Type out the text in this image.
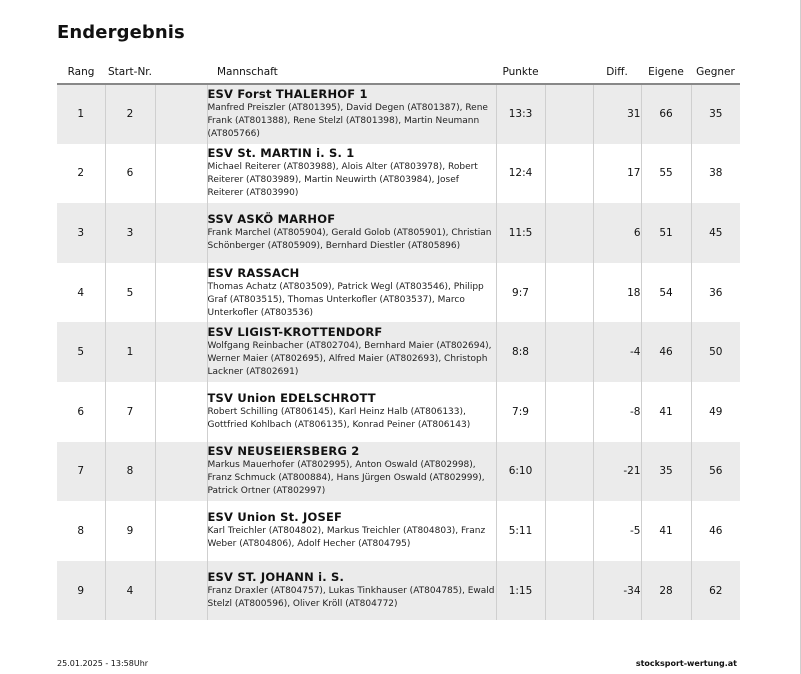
Endergebnis
Rang	Start-Nr.		Mannschaft	Punkte		Diff.	Eigene	Gegner
1	2		ESV Forst THALERHOF 1
Manfred Preiszler (AT801395), David Degen (AT801387), Rene Frank (AT801388), Rene Stelzl (AT801398), Martin Neumann (AT805766)	13:3		31	66	35
2	6		ESV St. MARTIN i. S. 1
Michael Reiterer (AT803988), Alois Alter (AT803978), Robert Reiterer (AT803989), Martin Neuwirth (AT803984), Josef Reiterer (AT803990)	12:4		17	55	38
3	3		SSV ASKÖ MARHOF
Frank Marchel (AT805904), Gerald Golob (AT805901), Christian Schönberger (AT805909), Bernhard Diestler (AT805896)	11:5		6	51	45
4	5		ESV RASSACH
Thomas Achatz (AT803509), Patrick Wegl (AT803546), Philipp Graf (AT803515), Thomas Unterkofler (AT803537), Marco Unterkofler (AT803536)	9:7		18	54	36
5	1		ESV LIGIST-KROTTENDORF
Wolfgang Reinbacher (AT802704), Bernhard Maier (AT802694), Werner Maier (AT802695), Alfred Maier (AT802693), Christoph Lackner (AT802691)	8:8		-4	46	50
6	7		TSV Union EDELSCHROTT
Robert Schilling (AT806145), Karl Heinz Halb (AT806133), Gottfried Kohlbach (AT806135), Konrad Peiner (AT806143)	7:9		-8	41	49
7	8		ESV NEUSEIERSBERG 2
Markus Mauerhofer (AT802995), Anton Oswald (AT802998), Franz Schmuck (AT800884), Hans Jürgen Oswald (AT802999), Patrick Ortner (AT802997)	6:10		-21	35	56
8	9		ESV Union St. JOSEF
Karl Treichler (AT804802), Markus Treichler (AT804803), Franz Weber (AT804806), Adolf Hecher (AT804795)	5:11		-5	41	46
9	4		ESV ST. JOHANN i. S.
Franz Draxler (AT804757), Lukas Tinkhauser (AT804785), Ewald Stelzl (AT800596), Oliver Kröll (AT804772)	1:15		-34	28	62
25.01.2025 - 13:58Uhr	stocksport-wertung.at
